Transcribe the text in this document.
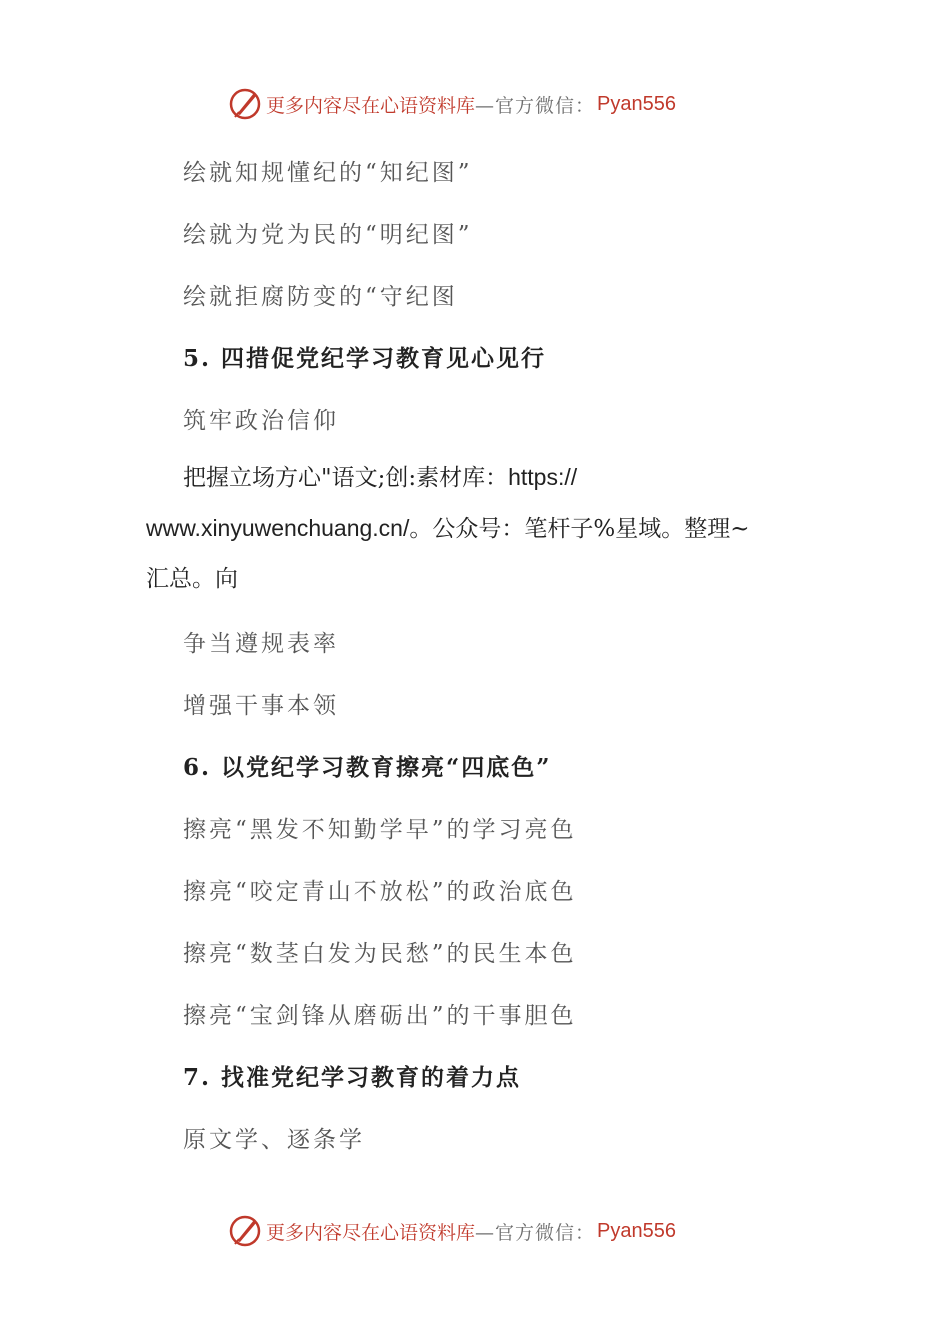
更多内容尽在心语资料库 —官方微信： Pyan556
绘就知规懂纪的“知纪图”
绘就为党为民的“明纪图”
绘就拒腐防变的“守纪图
5. 四措促党纪学习教育见心见行
筑牢政治信仰
把握立场方心"语文;创:素材库：https://
www.xinyuwenchuang.cn/。公众号：笔杆子%星域。整理~
汇总。向
争当遵规表率
增强干事本领
6. 以党纪学习教育擦亮“四底色”
擦亮“黑发不知勤学早”的学习亮色
擦亮“咬定青山不放松”的政治底色
擦亮“数茎白发为民愁”的民生本色
擦亮“宝剑锋从磨砺出”的干事胆色
7. 找准党纪学习教育的着力点
原文学、逐条学
更多内容尽在心语资料库 —官方微信： Pyan556
